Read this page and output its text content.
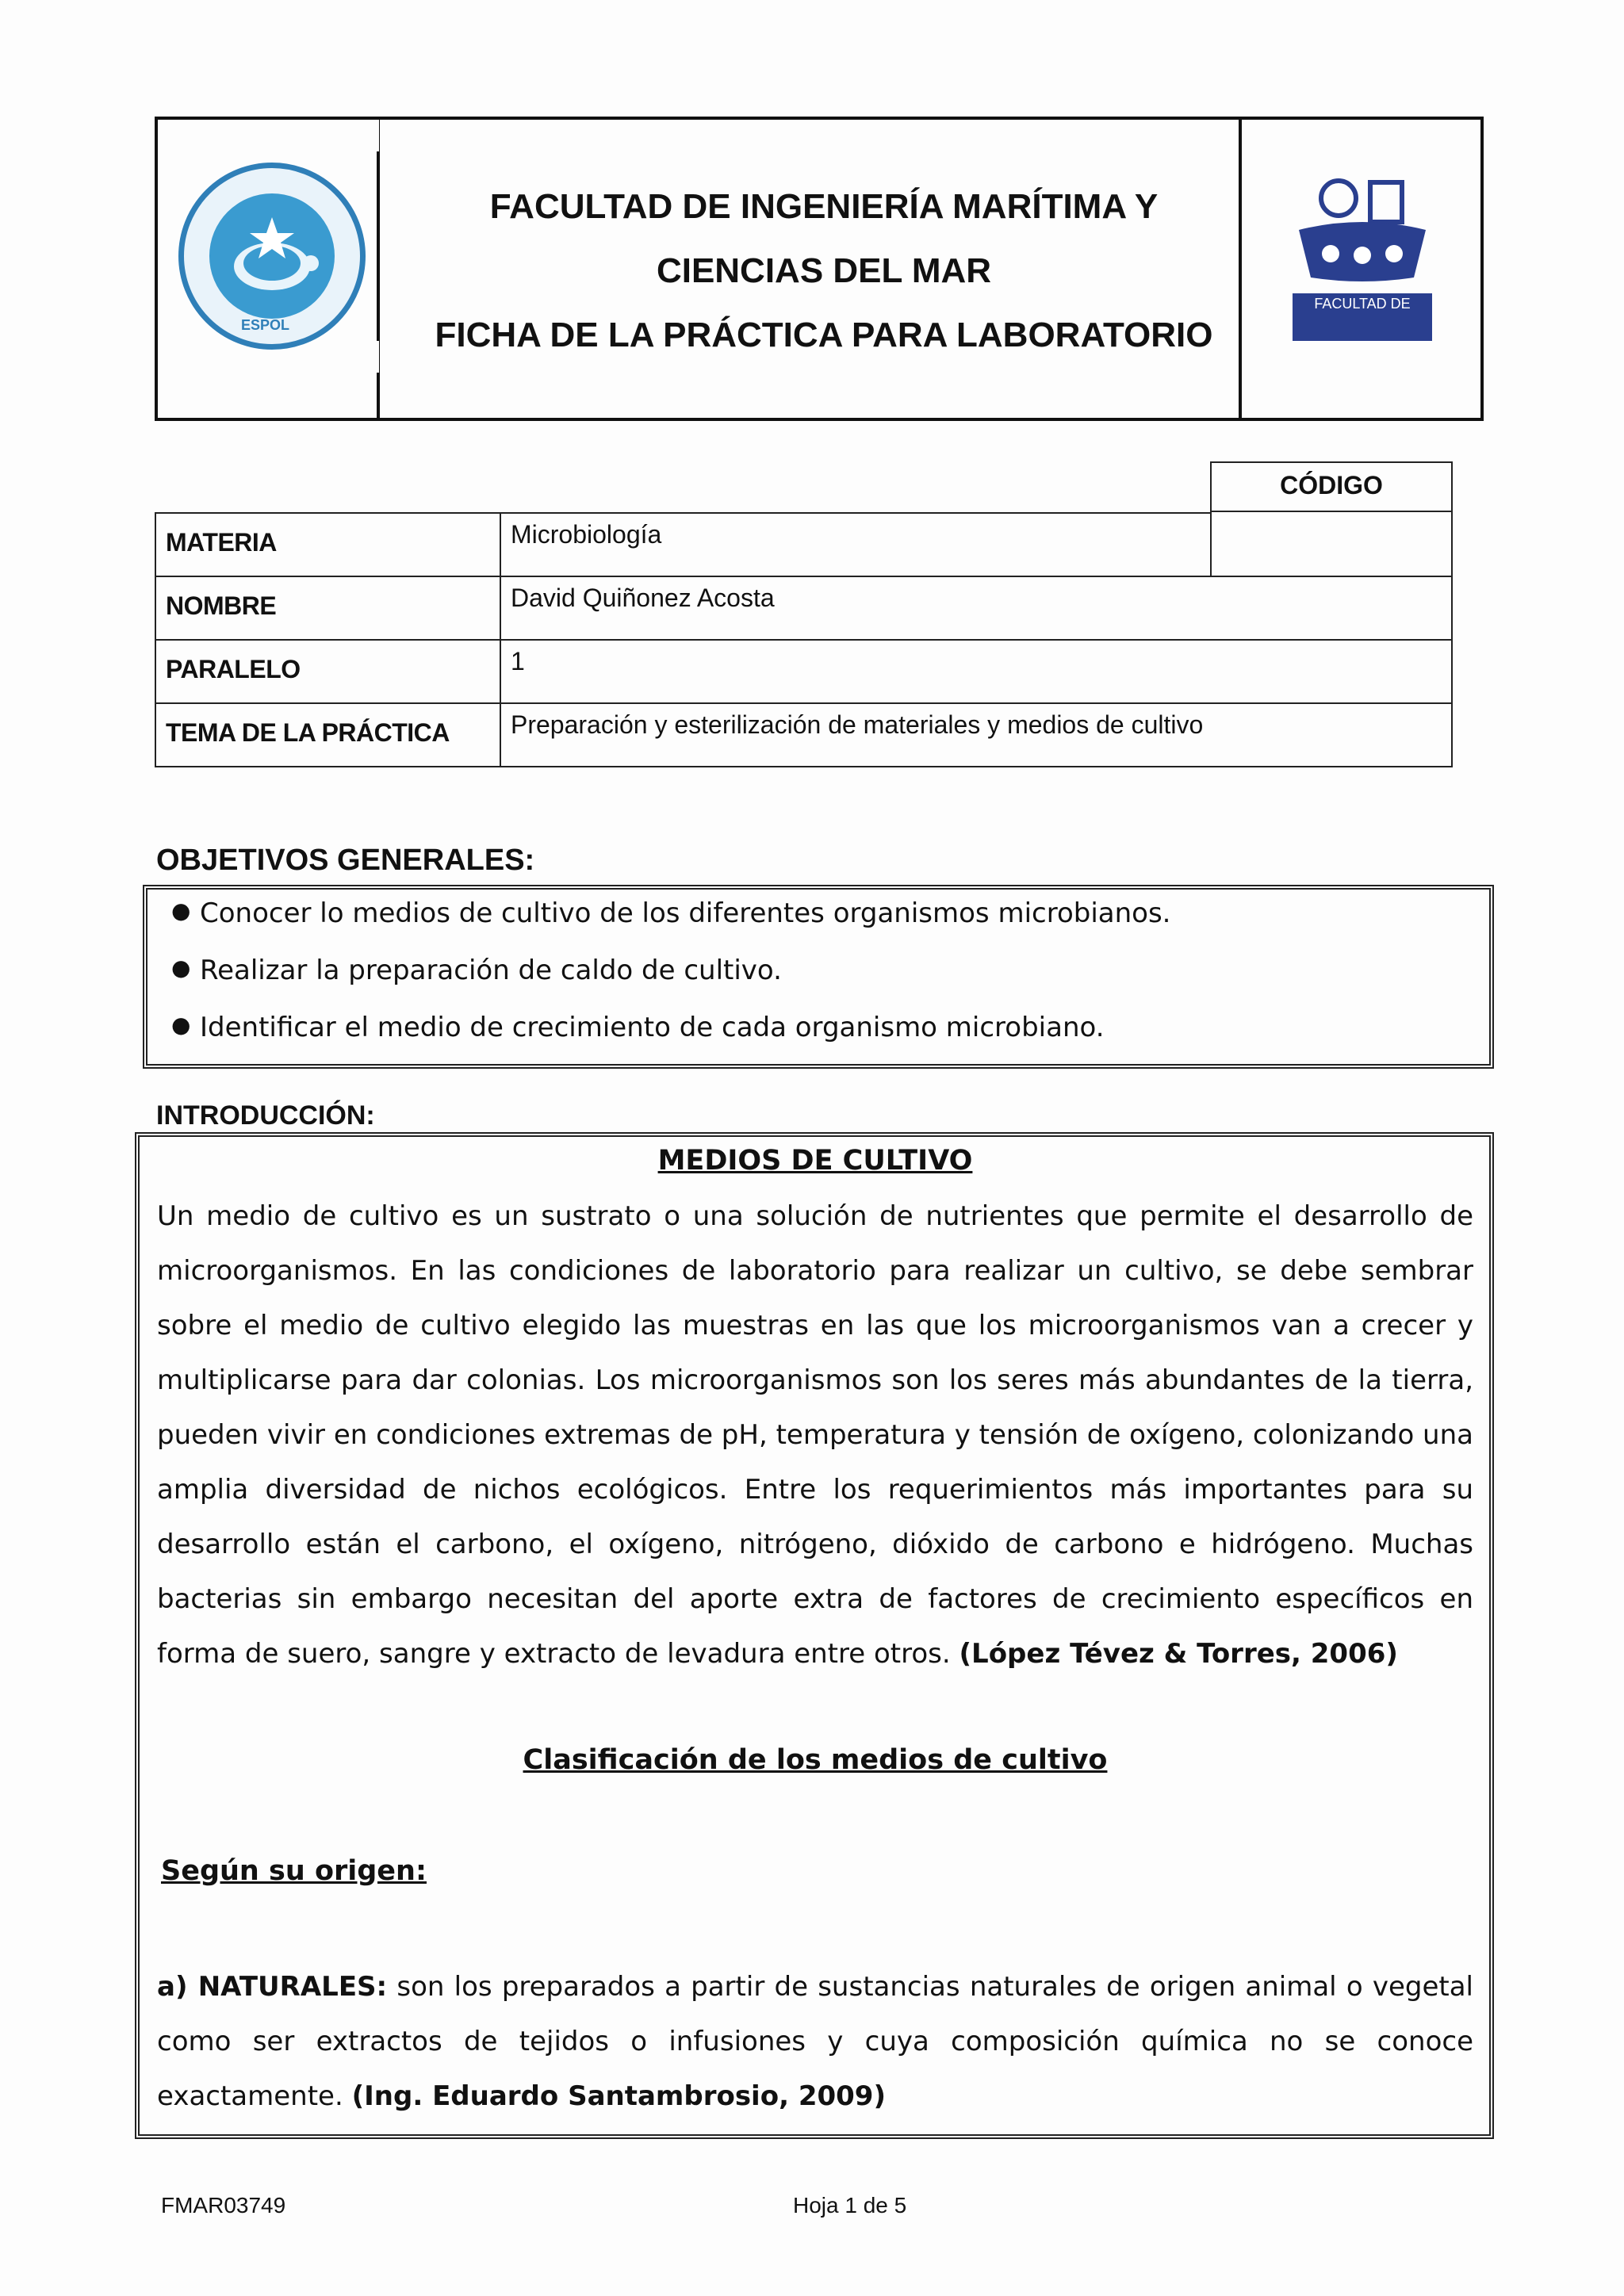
FACULTAD DE INGENIERÍA MARÍTIMA Y
CIENCIAS DEL MAR
FICHA DE LA PRÁCTICA PARA LABORATORIO
ESPOL
FACULTAD DE
CÓDIGO
MATERIA	Microbiología
NOMBRE	David Quiñonez Acosta
PARALELO	1
TEMA DE LA PRÁCTICA	Preparación y esterilización de materiales y medios de cultivo
OBJETIVOS GENERALES:
● Conocer lo medios de cultivo de los diferentes organismos microbianos.
● Realizar la preparación de caldo de cultivo.
● Identificar el medio de crecimiento de cada organismo microbiano.
INTRODUCCIÓN:
MEDIOS DE CULTIVO
Un medio de cultivo es un sustrato o una solución de nutrientes que permite el desarrollo de microorganismos. En las condiciones de laboratorio para realizar un cultivo, se debe sembrar sobre el medio de cultivo elegido las muestras en las que los microorganismos van a crecer y multiplicarse para dar colonias. Los microorganismos son los seres más abundantes de la tierra, pueden vivir en condiciones extremas de pH, temperatura y tensión de oxígeno, colonizando una amplia diversidad de nichos ecológicos. Entre los requerimientos más importantes para su desarrollo están el carbono, el oxígeno, nitrógeno, dióxido de carbono e hidrógeno. Muchas bacterias sin embargo necesitan del aporte extra de factores de crecimiento específicos en forma de suero, sangre y extracto de levadura entre otros. (López Tévez & Torres, 2006)
Clasificación de los medios de cultivo
Según su origen:
a) NATURALES: son los preparados a partir de sustancias naturales de origen animal o vegetal como ser extractos de tejidos o infusiones y cuya composición química no se conoce exactamente. (Ing. Eduardo Santambrosio, 2009)
FMAR03749	Hoja 1 de 5
